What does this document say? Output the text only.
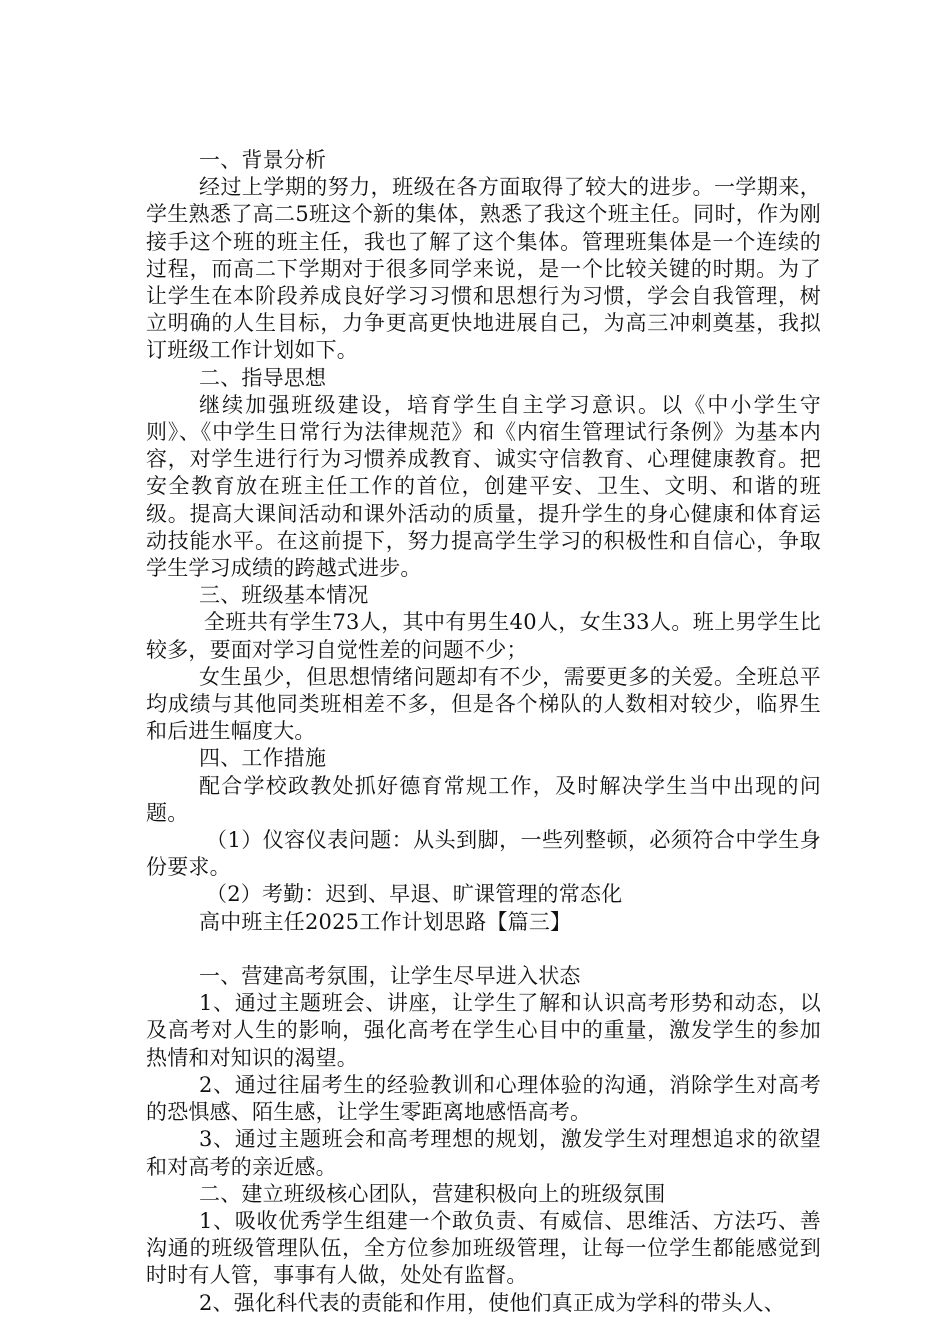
一、背景分析

经过上学期的努力，班级在各方面取得了较大的进步。一学期来，学生熟悉了高二5班这个新的集体，熟悉了我这个班主任。同时，作为刚接手这个班的班主任，我也了解了这个集体。管理班集体是一个连续的过程，而高二下学期对于很多同学来说，是一个比较关键的时期。为了让学生在本阶段养成良好学习习惯和思想行为习惯，学会自我管理，树立明确的人生目标，力争更高更快地进展自己，为高三冲刺奠基，我拟订班级工作计划如下。

二、指导思想

继续加强班级建设，培育学生自主学习意识。以《中小学生守则》、《中学生日常行为法律规范》和《内宿生管理试行条例》为基本内容，对学生进行行为习惯养成教育、诚实守信教育、心理健康教育。把安全教育放在班主任工作的首位，创建平安、卫生、文明、和谐的班级。提高大课间活动和课外活动的质量，提升学生的身心健康和体育运动技能水平。在这前提下，努力提高学生学习的积极性和自信心，争取学生学习成绩的跨越式进步。

三、班级基本情况

全班共有学生73人，其中有男生40人，女生33人。班上男学生比较多，要面对学习自觉性差的问题不少；

女生虽少，但思想情绪问题却有不少，需要更多的关爱。全班总平均成绩与其他同类班相差不多，但是各个梯队的人数相对较少，临界生和后进生幅度大。

四、工作措施

配合学校政教处抓好德育常规工作，及时解决学生当中出现的问题。

（1）仪容仪表问题：从头到脚，一些列整顿，必须符合中学生身份要求。

（2）考勤：迟到、早退、旷课管理的常态化

高中班主任2025工作计划思路【篇三】

一、营建高考氛围，让学生尽早进入状态

1、通过主题班会、讲座，让学生了解和认识高考形势和动态，以及高考对人生的影响，强化高考在学生心目中的重量，激发学生的参加热情和对知识的渴望。

2、通过往届考生的经验教训和心理体验的沟通，消除学生对高考的恐惧感、陌生感，让学生零距离地感悟高考。

3、通过主题班会和高考理想的规划，激发学生对理想追求的欲望和对高考的亲近感。

二、建立班级核心团队，营建积极向上的班级氛围

1、吸收优秀学生组建一个敢负责、有威信、思维活、方法巧、善沟通的班级管理队伍，全方位参加班级管理，让每一位学生都能感觉到时时有人管，事事有人做，处处有监督。

2、强化科代表的责能和作用，使他们真正成为学科的带头人、
